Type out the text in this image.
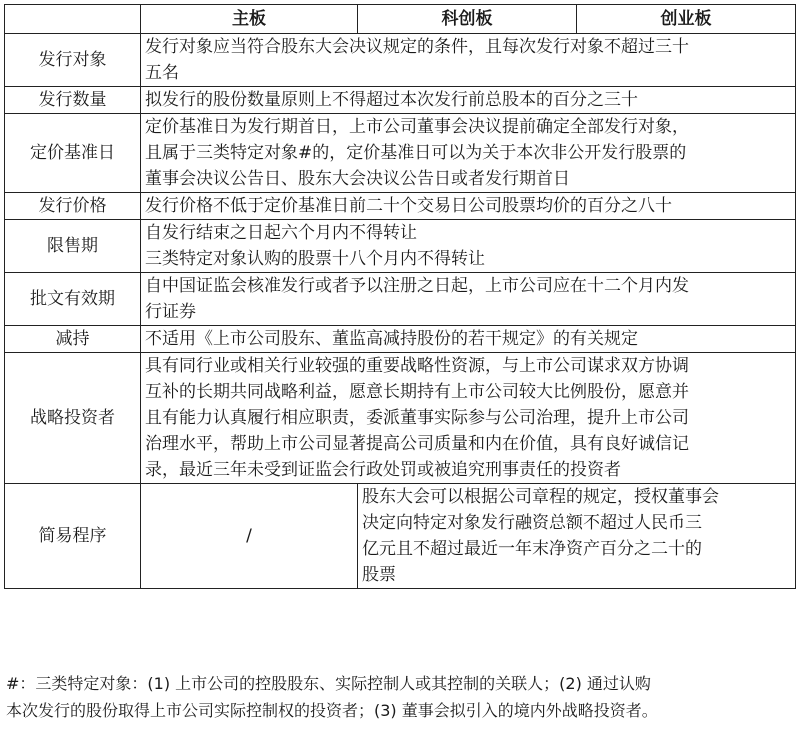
	主板	科创板	创业板
发行对象	发行对象应当符合股东大会决议规定的条件，且每次发行对象不超过三十
五名		

发行数量	拟发行的股份数量原则上不得超过本次发行前总股本的百分之三十		

定价基准日	定价基准日为发行期首日，上市公司董事会决议提前确定全部发行对象，
且属于三类特定对象#的，定价基准日可以为关于本次非公开发行股票的
董事会决议公告日、股东大会决议公告日或者发行期首日		

发行价格	发行价格不低于定价基准日前二十个交易日公司股票均价的百分之八十		

限售期	自发行结束之日起六个月内不得转让
三类特定对象认购的股票十八个月内不得转让		

批文有效期	自中国证监会核准发行或者予以注册之日起，上市公司应在十二个月内发
行证券		

减持	不适用《上市公司股东、董监高减持股份的若干规定》的有关规定		

战略投资者	具有同行业或相关行业较强的重要战略性资源，与上市公司谋求双方协调
互补的长期共同战略利益，愿意长期持有上市公司较大比例股份，愿意并
且有能力认真履行相应职责，委派董事实际参与公司治理，提升上市公司
治理水平，帮助上市公司显著提高公司质量和内在价值，具有良好诚信记
录，最近三年未受到证监会行政处罚或被追究刑事责任的投资者		

简易程序	/	股东大会可以根据公司章程的规定，授权董事会
决定向特定对象发行融资总额不超过人民币三
亿元且不超过最近一年末净资产百分之二十的
股票	
#：三类特定对象：(1) 上市公司的控股股东、实际控制人或其控制的关联人；(2) 通过认购
本次发行的股份取得上市公司实际控制权的投资者；(3) 董事会拟引入的境内外战略投资者。
